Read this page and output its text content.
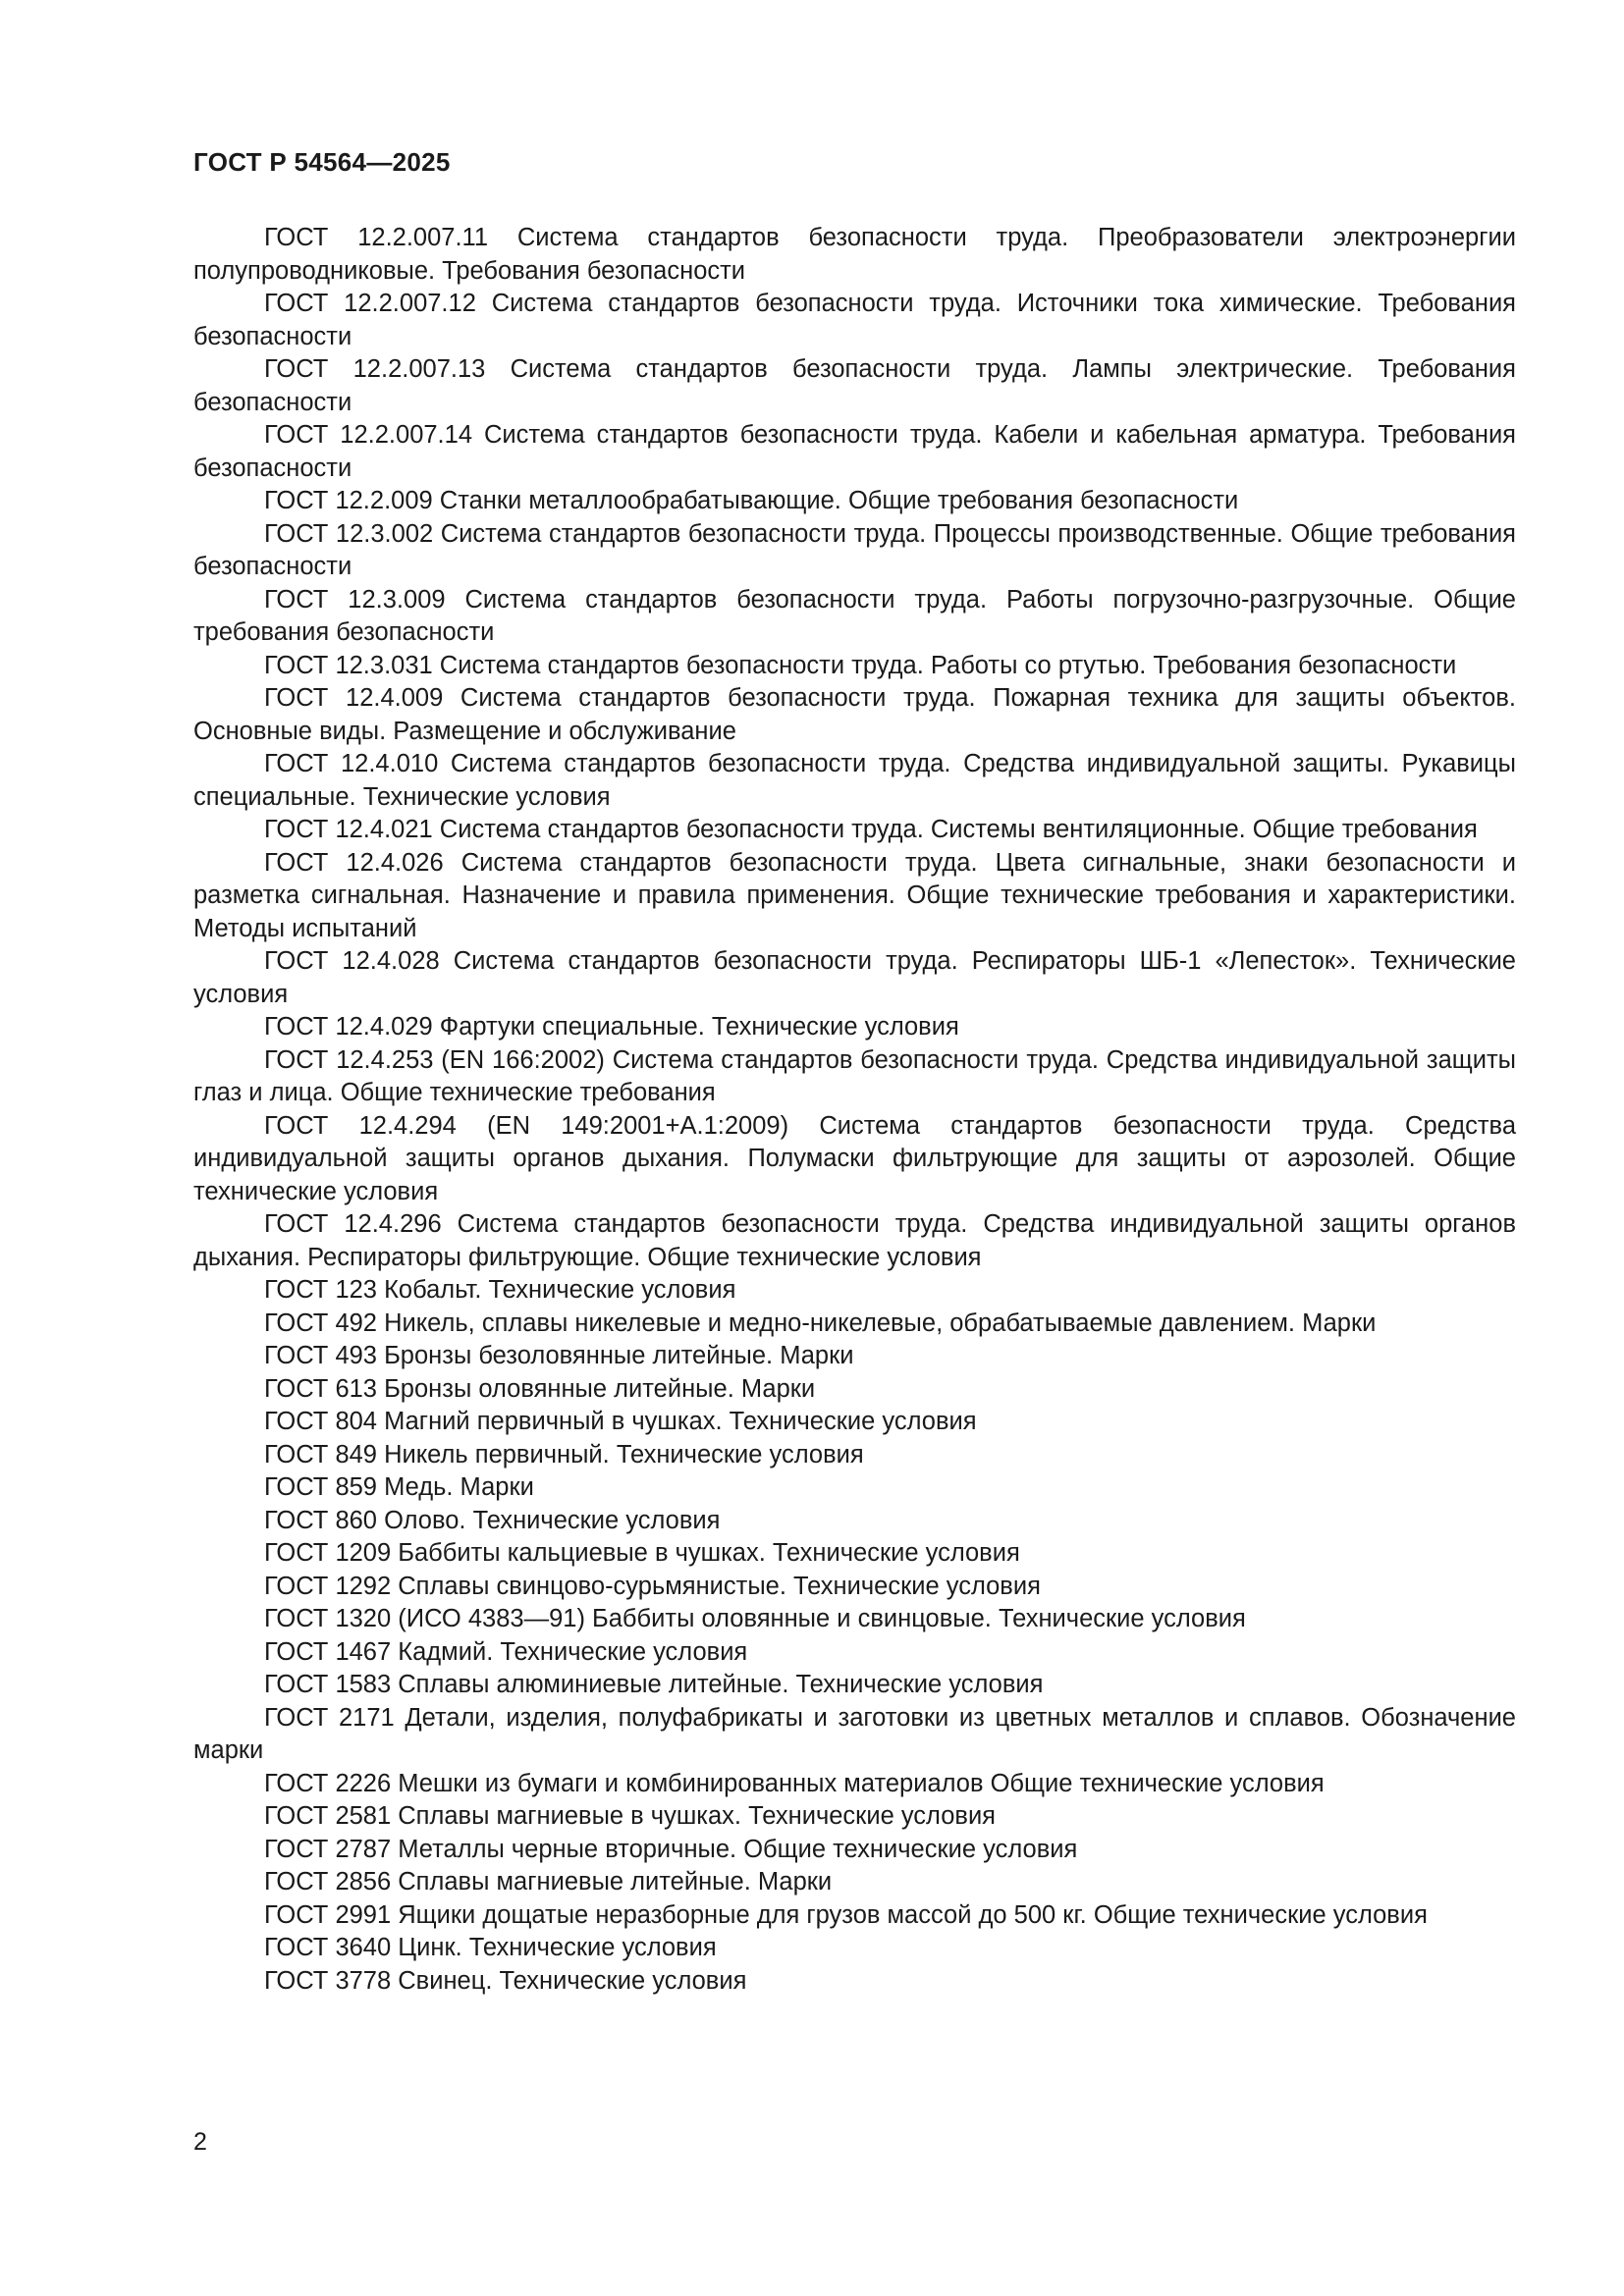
ГОСТ Р 54564—2025

ГОСТ 12.2.007.11 Система стандартов безопасности труда. Преобразователи электроэнергии полупроводниковые. Требования безопасности

ГОСТ 12.2.007.12 Система стандартов безопасности труда. Источники тока химические. Требования безопасности

ГОСТ 12.2.007.13 Система стандартов безопасности труда. Лампы электрические. Требования безопасности

ГОСТ 12.2.007.14 Система стандартов безопасности труда. Кабели и кабельная арматура. Требования безопасности

ГОСТ 12.2.009 Станки металлообрабатывающие. Общие требования безопасности

ГОСТ 12.3.002 Система стандартов безопасности труда. Процессы производственные. Общие требования безопасности

ГОСТ 12.3.009 Система стандартов безопасности труда. Работы погрузочно-разгрузочные. Общие требования безопасности

ГОСТ 12.3.031 Система стандартов безопасности труда. Работы со ртутью. Требования безопасности

ГОСТ 12.4.009 Система стандартов безопасности труда. Пожарная техника для защиты объектов. Основные виды. Размещение и обслуживание

ГОСТ 12.4.010 Система стандартов безопасности труда. Средства индивидуальной защиты. Рукавицы специальные. Технические условия

ГОСТ 12.4.021 Система стандартов безопасности труда. Системы вентиляционные. Общие требования

ГОСТ 12.4.026 Система стандартов безопасности труда. Цвета сигнальные, знаки безопасности и разметка сигнальная. Назначение и правила применения. Общие технические требования и характеристики. Методы испытаний

ГОСТ 12.4.028 Система стандартов безопасности труда. Респираторы ШБ-1 «Лепесток». Технические условия

ГОСТ 12.4.029 Фартуки специальные. Технические условия

ГОСТ 12.4.253 (EN 166:2002) Система стандартов безопасности труда. Средства индивидуальной защиты глаз и лица. Общие технические требования

ГОСТ 12.4.294 (EN 149:2001+A.1:2009) Система стандартов безопасности труда. Средства индивидуальной защиты органов дыхания. Полумаски фильтрующие для защиты от аэрозолей. Общие технические условия

ГОСТ 12.4.296 Система стандартов безопасности труда. Средства индивидуальной защиты органов дыхания. Респираторы фильтрующие. Общие технические условия

ГОСТ 123 Кобальт. Технические условия

ГОСТ 492 Никель, сплавы никелевые и медно-никелевые, обрабатываемые давлением. Марки

ГОСТ 493 Бронзы безоловянные литейные. Марки

ГОСТ 613 Бронзы оловянные литейные. Марки

ГОСТ 804 Магний первичный в чушках. Технические условия

ГОСТ 849 Никель первичный. Технические условия

ГОСТ 859 Медь. Марки

ГОСТ 860 Олово. Технические условия

ГОСТ 1209 Баббиты кальциевые в чушках. Технические условия

ГОСТ 1292 Сплавы свинцово-сурьмянистые. Технические условия

ГОСТ 1320 (ИСО 4383—91) Баббиты оловянные и свинцовые. Технические условия

ГОСТ 1467 Кадмий. Технические условия

ГОСТ 1583 Сплавы алюминиевые литейные. Технические условия

ГОСТ 2171 Детали, изделия, полуфабрикаты и заготовки из цветных металлов и сплавов. Обозначение марки

ГОСТ 2226 Мешки из бумаги и комбинированных материалов Общие технические условия

ГОСТ 2581 Сплавы магниевые в чушках. Технические условия

ГОСТ 2787 Металлы черные вторичные. Общие технические условия

ГОСТ 2856 Сплавы магниевые литейные. Марки

ГОСТ 2991 Ящики дощатые неразборные для грузов массой до 500 кг. Общие технические условия

ГОСТ 3640 Цинк. Технические условия

ГОСТ 3778 Свинец. Технические условия

2
